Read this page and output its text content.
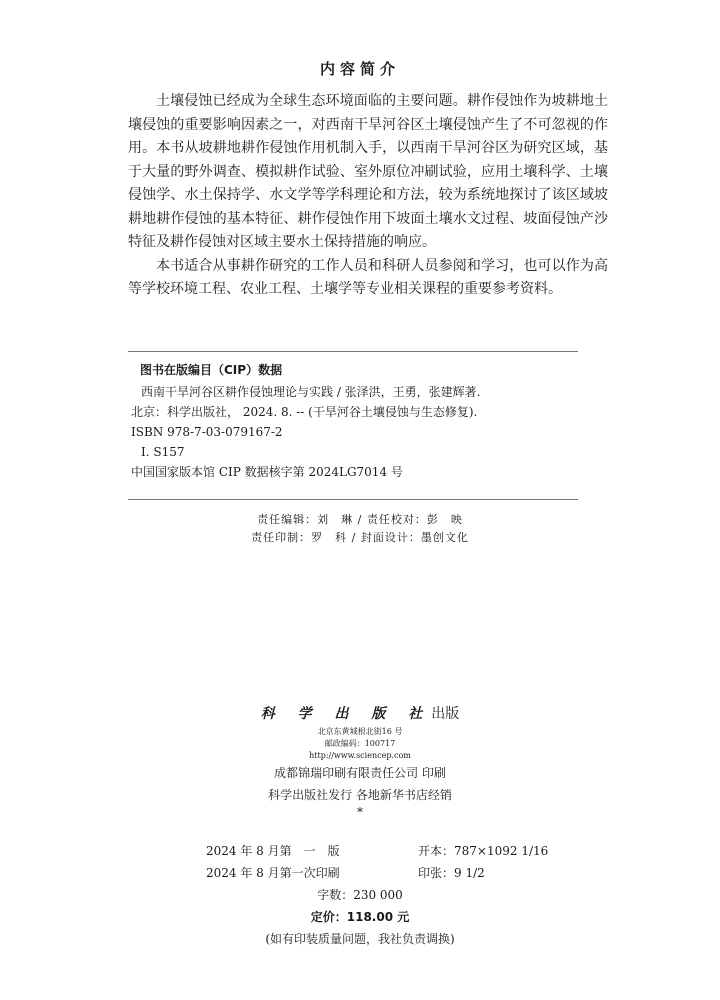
内容简介

土壤侵蚀已经成为全球生态环境面临的主要问题。耕作侵蚀作为坡耕地土壤侵蚀的重要影响因素之一，对西南干旱河谷区土壤侵蚀产生了不可忽视的作用。本书从坡耕地耕作侵蚀作用机制入手，以西南干旱河谷区为研究区域，基于大量的野外调查、模拟耕作试验、室外原位冲刷试验，应用土壤科学、土壤侵蚀学、水土保持学、水文学等学科理论和方法，较为系统地探讨了该区域坡耕地耕作侵蚀的基本特征、耕作侵蚀作用下坡面土壤水文过程、坡面侵蚀产沙特征及耕作侵蚀对区域主要水土保持措施的响应。

本书适合从事耕作研究的工作人员和科研人员参阅和学习，也可以作为高等学校环境工程、农业工程、土壤学等专业相关课程的重要参考资料。

图书在版编目（CIP）数据
西南干旱河谷区耕作侵蚀理论与实践 / 张泽洪，王勇，张建辉著.
北京：科学出版社， 2024. 8. -- (干旱河谷土壤侵蚀与生态修复).
ISBN 978-7-03-079167-2
Ⅰ. S157
中国国家版本馆 CIP 数据核字第 2024LG7014 号
责任编辑：刘　琳 / 责任校对：彭　映
责任印制：罗　科 / 封面设计：墨创文化
科 学 出 版 社出版
北京东黄城根北街16 号
邮政编码：100717
http://www.sciencep.com
成都锦瑞印刷有限责任公司 印刷
科学出版社发行 各地新华书店经销
*
2024 年 8 月第　一　版	开本：787×1092 1/16
2024 年 8 月第一次印刷	印张：9 1/2
字数：230 000
定价：118.00 元
(如有印装质量问题，我社负责调换)
